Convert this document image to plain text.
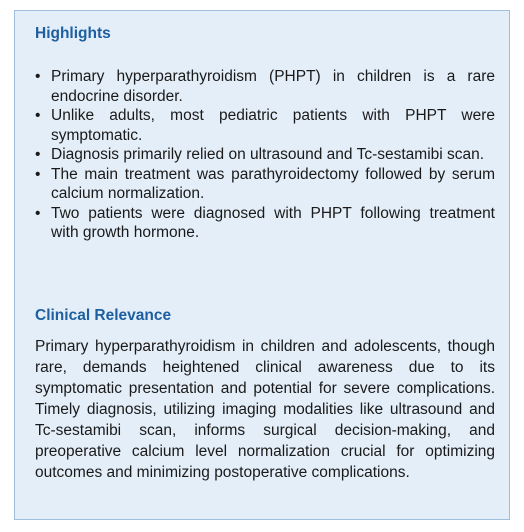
Highlights
• Primary hyperparathyroidism (PHPT) in children is a rare endocrine disorder.
• Unlike adults, most pediatric patients with PHPT were symptomatic.
• Diagnosis primarily relied on ultrasound and Tc-sestamibi scan.
• The main treatment was parathyroidectomy followed by serum calcium normalization.
• Two patients were diagnosed with PHPT following treatment with growth hormone.
Clinical Relevance

Primary hyperparathyroidism in children and adolescents, though rare, demands heightened clinical awareness due to its symptomatic presentation and potential for severe complications. Timely diagnosis, utilizing imaging modalities like ultrasound and Tc-sestamibi scan, informs surgical decision-making, and preoperative calcium level normalization crucial for optimizing outcomes and minimizing postoperative complications.
